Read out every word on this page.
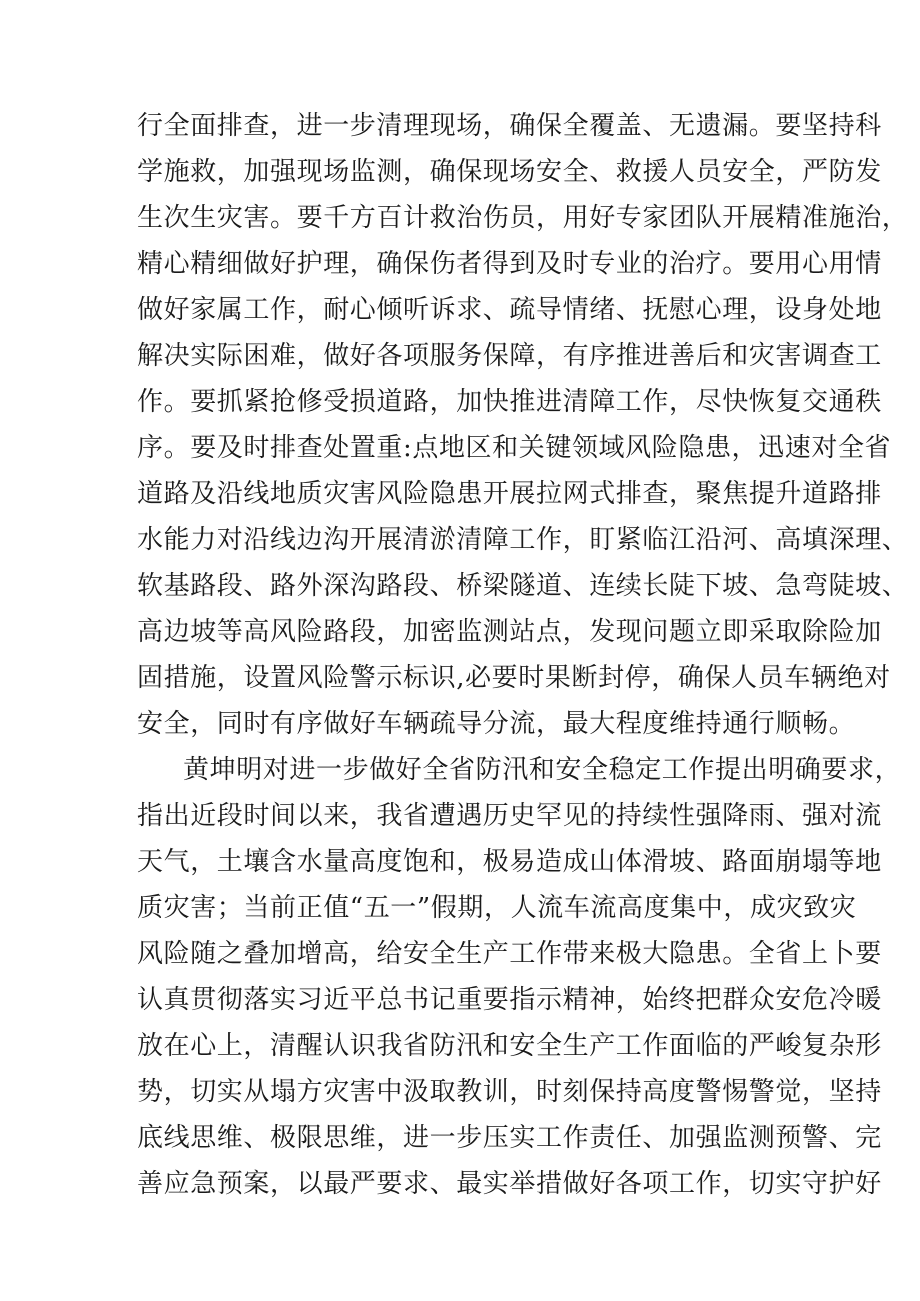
行全面排查，进一步清理现场，确保全覆盖、无遗漏。要坚持科
学施救，加强现场监测，确保现场安全、救援人员安全，严防发
生次生灾害。要千方百计救治伤员，用好专家团队开展精准施治，
精心精细做好护理，确保伤者得到及时专业的治疗。要用心用情
做好家属工作，耐心倾听诉求、疏导情绪、抚慰心理，设身处地
解决实际困难，做好各项服务保障，有序推进善后和灾害调查工
作。要抓紧抢修受损道路，加快推进清障工作，尽快恢复交通秩
序。要及时排查处置重:点地区和关键领域风险隐患，迅速对全省
道路及沿线地质灾害风险隐患开展拉网式排查，聚焦提升道路排
水能力对沿线边沟开展清淤清障工作，盯紧临江沿河、高填深理、
软基路段、路外深沟路段、桥梁隧道、连续长陡下坡、急弯陡坡、
高边坡等高风险路段，加密监测站点，发现问题立即采取除险加
固措施，设置风险警示标识,必要时果断封停，确保人员车辆绝对
安全，同时有序做好车辆疏导分流，最大程度维持通行顺畅。
黄坤明对进一步做好全省防汛和安全稳定工作提出明确要求，
指出近段时间以来，我省遭遇历史罕见的持续性强降雨、强对流
天气，土壤含水量高度饱和，极易造成山体滑坡、路面崩塌等地
质灾害；当前正值“五一”假期，人流车流高度集中，成灾致灾
风险随之叠加增高，给安全生产工作带来极大隐患。全省上卜要
认真贯彻落实习近平总书记重要指示精神，始终把群众安危冷暖
放在心上，清醒认识我省防汛和安全生产工作面临的严峻复杂形
势，切实从塌方灾害中汲取教训，时刻保持高度警惕警觉，坚持
底线思维、极限思维，进一步压实工作责任、加强监测预警、完
善应急预案，以最严要求、最实举措做好各项工作，切实守护好
